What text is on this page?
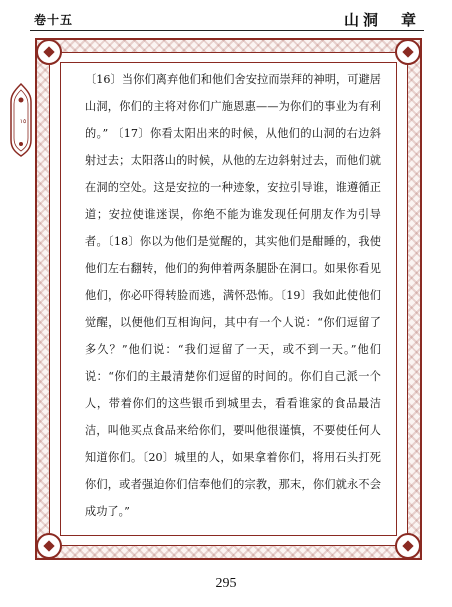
卷十五	山洞　章
١٥
〔16〕当你们离弃他们和他们舍安拉而崇拜的神明，可避居山洞，你们的主将对你们广施恩惠——为你们的事业为有利的。” 〔17〕你看太阳出来的时候，从他们的山洞的右边斜射过去；太阳落山的时候，从他的左边斜射过去，而他们就在洞的空处。这是安拉的一种迹象，安拉引导谁，谁遵循正道；安拉使谁迷误，你绝不能为谁发现任何朋友作为引导者。〔18〕你以为他们是觉醒的，其实他们是酣睡的，我使他们左右翻转，他们的狗伸着两条腿卧在洞口。如果你看见他们，你必吓得转脸而逃，满怀恐怖。〔19〕我如此使他们觉醒，以便他们互相询问，其中有一个人说：“你们逗留了多久？”他们说：“我们逗留了一天，或不到一天。”他们说：“你们的主最清楚你们逗留的时间的。你们自己派一个人，带着你们的这些银币到城里去，看看谁家的食品最洁洁，叫他买点食品来给你们，要叫他很谨慎，不要使任何人知道你们。〔20〕城里的人，如果拿着你们，将用石头打死你们，或者强迫你们信奉他们的宗教，那末，你们就永不会成功了。”
295
